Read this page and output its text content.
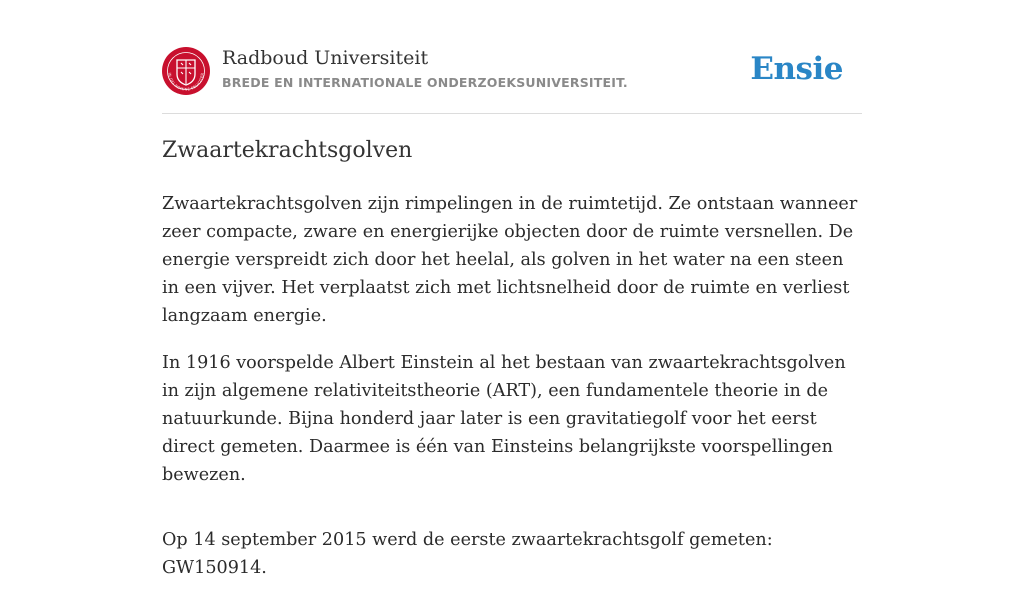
IN DEI NOMINE FELICITER
Radboud Universiteit
BREDE EN INTERNATIONALE ONDERZOEKSUNIVERSITEIT.	Ensie
Zwaartekrachtsgolven

Zwaartekrachtsgolven zijn rimpelingen in de ruimtetijd. Ze ontstaan wanneer zeer compacte, zware en energierijke objecten door de ruimte versnellen. De energie verspreidt zich door het heelal, als golven in het water na een steen in een vijver. Het verplaatst zich met lichtsnelheid door de ruimte en verliest langzaam energie.

In 1916 voorspelde Albert Einstein al het bestaan van zwaartekrachtsgolven in zijn algemene relativiteitstheorie (ART), een fundamentele theorie in de natuurkunde. Bijna honderd jaar later is een gravitatiegolf voor het eerst direct gemeten. Daarmee is één van Einsteins belangrijkste voorspellingen bewezen.

Op 14 september 2015 werd de eerste zwaartekrachtsgolf gemeten: GW150914.
